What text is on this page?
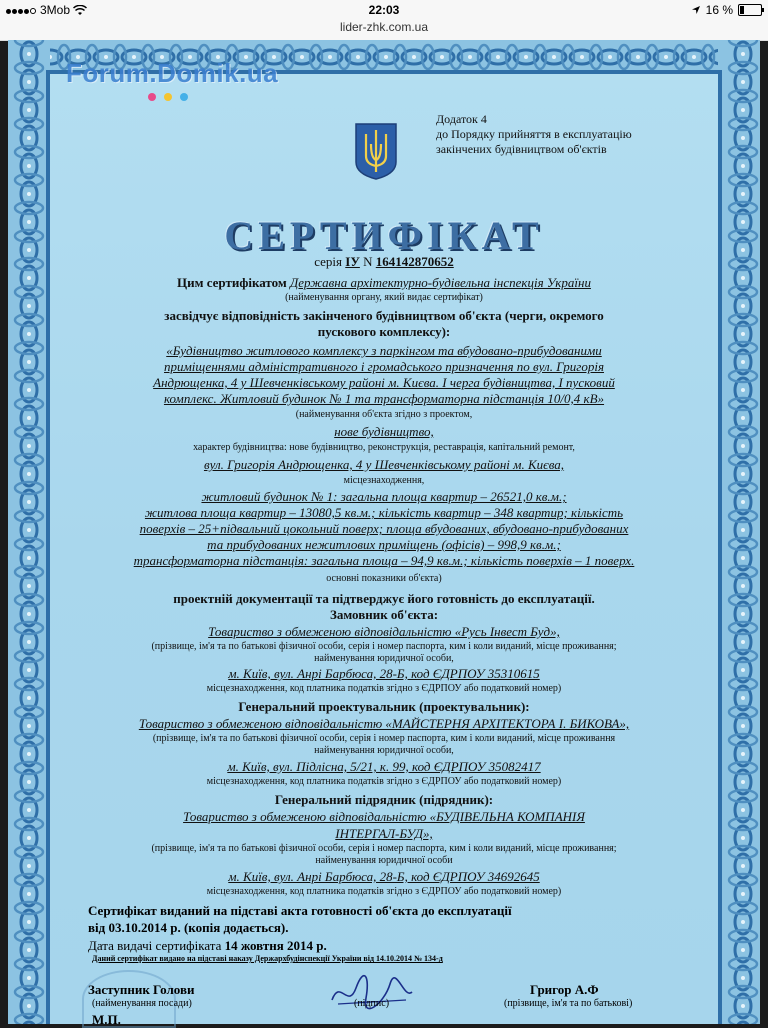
3Mob	22:03	16 %
lider-zhk.com.ua
Forum.Domik.ua
Додаток 4
до Порядку прийняття в експлуатацію
закінчених будівництвом об'єктів
СЕРТИФІКАТ
серія IУ N 164142870652
Цим сертифікатом Державна архітектурно-будівельна інспекція України
(найменування органу, який видає сертифікат)
засвідчує відповідність закінченого будівництвом об'єкта (черги, окремого
пускового комплексу):
«Будівництво житлового комплексу з паркінгом та вбудовано-прибудованими
приміщеннями адміністративного і громадського призначення по вул. Григорія
Андрющенка, 4 у Шевченківському районі м. Києва. І черга будівництва, І пусковий
комплекс. Житловий будинок № 1 та трансформаторна підстанція 10/0,4 кВ»
(найменування об'єкта згідно з проектом,
нове будівництво,
характер будівництва: нове будівництво, реконструкція, реставрація, капітальний ремонт,
вул. Григорія Андрющенка, 4 у Шевченківському районі м. Києва,
місцезнаходження,
житловий будинок № 1: загальна площа квартир – 26521,0 кв.м.;
житлова площа квартир – 13080,5 кв.м.; кількість квартир – 348 квартир; кількість
поверхів – 25+підвальний цокольний поверх; площа вбудованих, вбудовано-прибудованих
та прибудованих нежитлових приміщень (офісів) – 998,9 кв.м.;
трансформаторна підстанція: загальна площа – 94,9 кв.м.; кількість поверхів – 1 поверх.
основні показники об'єкта)
проектній документації та підтверджує його готовність до експлуатації.
Замовник об'єкта:
Товариство з обмеженою відповідальністю «Русь Інвест Буд»,
(прізвище, ім'я та по батькові фізичної особи, серія і номер паспорта, ким і коли виданий, місце проживання;
найменування юридичної особи,
м. Київ, вул. Анрі Барбюса, 28-Б, код ЄДРПОУ 35310615
місцезнаходження, код платника податків згідно з ЄДРПОУ або податковий номер)
Генеральний проектувальник (проектувальник):
Товариство з обмеженою відповідальністю «МАЙСТЕРНЯ АРХІТЕКТОРА І. БИКОВА»,
(прізвище, ім'я та по батькові фізичної особи, серія і номер паспорта, ким і коли виданий, місце проживання
найменування юридичної особи,
м. Київ, вул. Підлісна, 5/21, к. 99, код ЄДРПОУ 35082417
місцезнаходження, код платника податків згідно з ЄДРПОУ або податковий номер)
Генеральний підрядник (підрядник):
Товариство з обмеженою відповідальністю «БУДІВЕЛЬНА КОМПАНІЯ
ІНТЕРГАЛ-БУД»,
(прізвище, ім'я та по батькові фізичної особи, серія і номер паспорта, ким і коли виданий, місце проживання;
найменування юридичної особи
м. Київ, вул. Анрі Барбюса, 28-Б, код ЄДРПОУ 34692645
місцезнаходження, код платника податків згідно з ЄДРПОУ або податковий номер)
Сертифікат виданий на підставі акта готовності об'єкта до експлуатації
від 03.10.2014 р. (копія додається).
Дата видачі сертифіката 14 жовтня 2014 р.
Даний сертифікат видано на підставі наказу Держархбудінспекції України від 14.10.2014 № 134-д
Заступник Голови
(найменування посади)	(підпис)
Григор А.Ф
(прізвище, ім'я та по батькові)
М.П.
